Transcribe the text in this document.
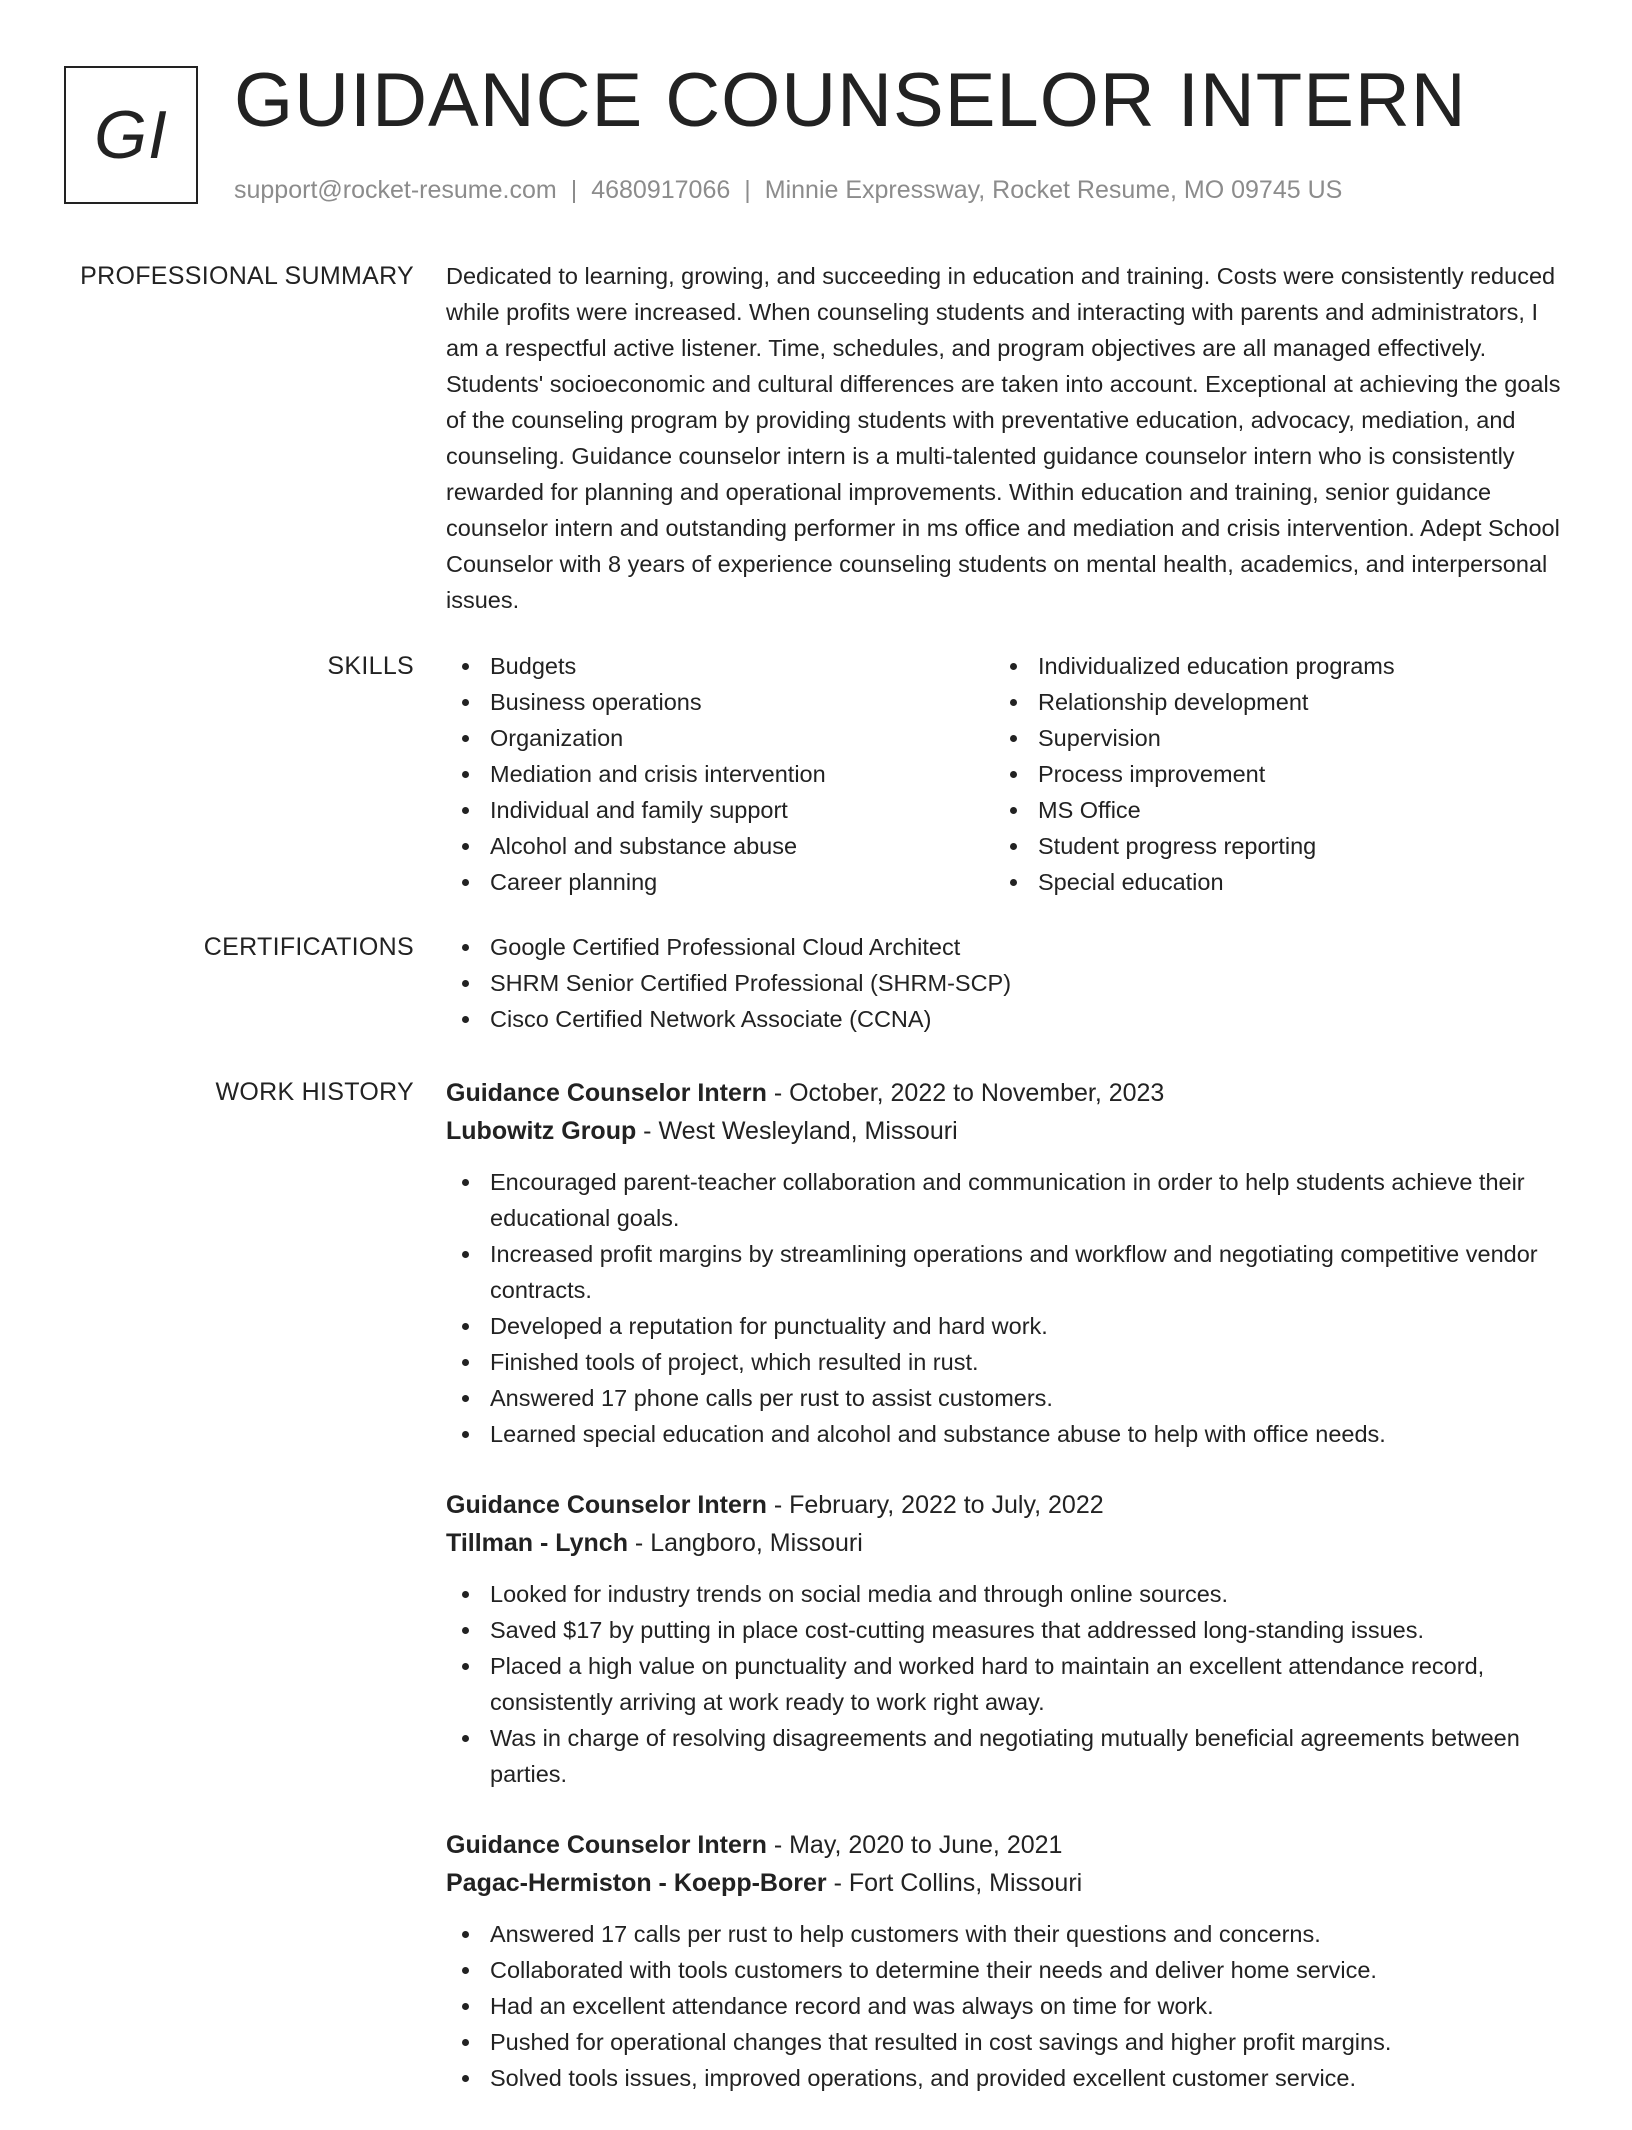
GI GUIDANCE COUNSELOR INTERN
support@rocket-resume.com | 4680917066 | Minnie Expressway, Rocket Resume, MO 09745 US
PROFESSIONAL SUMMARY Dedicated to learning, growing, and succeeding in education and training. Costs were consistently reduced while profits were increased. When counseling students and interacting with parents and administrators, I am a respectful active listener. Time, schedules, and program objectives are all managed effectively. Students' socioeconomic and cultural differences are taken into account. Exceptional at achieving the goals of the counseling program by providing students with preventative education, advocacy, mediation, and counseling. Guidance counselor intern is a multi-talented guidance counselor intern who is consistently rewarded for planning and operational improvements. Within education and training, senior guidance counselor intern and outstanding performer in ms office and mediation and crisis intervention. Adept School Counselor with 8 years of experience counseling students on mental health, academics, and interpersonal issues.

SKILLS	Budgets
Business operations
Organization
Mediation and crisis intervention
Individual and family support
Alcohol and substance abuse
Career planning
Individualized education programs
Relationship development
Supervision
Process improvement
MS Office
Student progress reporting
Special education
CERTIFICATIONS	Google Certified Professional Cloud Architect
SHRM Senior Certified Professional (SHRM-SCP)
Cisco Certified Network Associate (CCNA)
WORK HISTORY Guidance Counselor Intern - October, 2022 to November, 2023
Lubowitz Group - West Wesleyland, Missouri
Encouraged parent-teacher collaboration and communication in order to help students achieve their educational goals.
Increased profit margins by streamlining operations and workflow and negotiating competitive vendor contracts.
Developed a reputation for punctuality and hard work.
Finished tools of project, which resulted in rust.
Answered 17 phone calls per rust to assist customers.
Learned special education and alcohol and substance abuse to help with office needs.
Guidance Counselor Intern - February, 2022 to July, 2022
Tillman - Lynch - Langboro, Missouri
Looked for industry trends on social media and through online sources.
Saved $17 by putting in place cost-cutting measures that addressed long-standing issues.
Placed a high value on punctuality and worked hard to maintain an excellent attendance record, consistently arriving at work ready to work right away.
Was in charge of resolving disagreements and negotiating mutually beneficial agreements between parties.
Guidance Counselor Intern - May, 2020 to June, 2021
Pagac-Hermiston - Koepp-Borer - Fort Collins, Missouri
Answered 17 calls per rust to help customers with their questions and concerns.
Collaborated with tools customers to determine their needs and deliver home service.
Had an excellent attendance record and was always on time for work.
Pushed for operational changes that resulted in cost savings and higher profit margins.
Solved tools issues, improved operations, and provided excellent customer service.
